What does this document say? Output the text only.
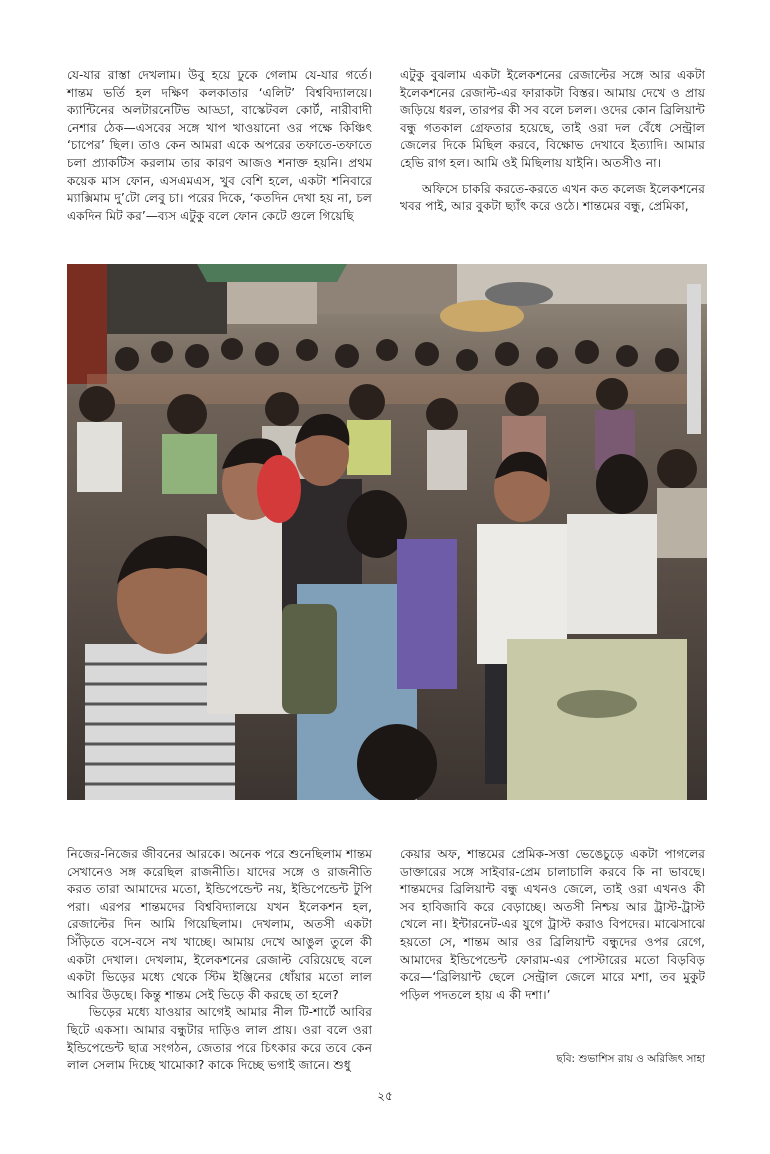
যে-যার রাস্তা দেখলাম। উবু হয়ে ঢুকে গেলাম যে-যার গর্তে। শান্তম ভর্তি হল দক্ষিণ কলকাতার ‘এলিট’ বিশ্ববিদ্যালয়ে। ক্যান্টিনের অলটারনেটিভ আড্ডা, বাস্কেটবল কোর্ট, নারীবাদী নেশার ঠেক—এসবের সঙ্গে খাপ খাওয়ানো ওর পক্ষে কিঞ্চিৎ ‘চাপের’ ছিল। তাও কেন আমরা একে অপরের তফাতে-তফাতে চলা প্র্যাকটিস করলাম তার কারণ আজও শনাক্ত হয়নি। প্রথম কয়েক মাস ফোন, এসএমএস, খুব বেশি হলে, একটা শনিবারে ম্যাক্সিমাম দু’টো লেবু চা। পরের দিকে, ‘কতদিন দেখা হয় না, চল একদিন মিট কর’—ব্যস এটুকু বলে ফোন কেটে গুলে গিয়েছি

এটুকু বুঝলাম একটা ইলেকশনের রেজাল্টের সঙ্গে আর একটা ইলেকশনের রেজাল্ট-এর ফারাকটা বিস্তর। আমায় দেখে ও প্রায় জড়িয়ে ধরল, তারপর কী সব বলে চলল। ওদের কোন ব্রিলিয়ান্ট বন্ধু গতকাল গ্রেফতার হয়েছে, তাই ওরা দল বেঁধে সেন্ট্রাল জেলের দিকে মিছিল করবে, বিক্ষোভ দেখাবে ইত্যাদি। আমার হেভি রাগ হল। আমি ওই মিছিলায় যাইনি। অতসীও না।

অফিসে চাকরি করতে-করতে এখন কত কলেজ ইলেকশনের খবর পাই, আর বুকটা ছ্যাঁৎ করে ওঠে। শান্তমের বন্ধু, প্রেমিকা,

নিজের-নিজের জীবনের আরকে। অনেক পরে শুনেছিলাম শান্তম সেখানেও সঙ্গ করেছিল রাজনীতি। যাদের সঙ্গে ও রাজনীতি করত তারা আমাদের মতো, ইন্ডিপেন্ডেন্ট নয়, ইন্ডিপেন্ডেন্ট টুপি পরা। এরপর শান্তমদের বিশ্ববিদ্যালয়ে যখন ইলেকশন হল, রেজাল্টের দিন আমি গিয়েছিলাম। দেখলাম, অতসী একটা সিঁড়িতে বসে-বসে নখ খাচ্ছে। আমায় দেখে আঙুল তুলে কী একটা দেখাল। দেখলাম, ইলেকশনের রেজাল্ট বেরিয়েছে বলে একটা ভিড়ের মধ্যে থেকে স্টিম ইঞ্জিনের ধোঁয়ার মতো লাল আবির উড়ছে। কিন্তু শান্তম সেই ভিড়ে কী করছে তা হলে?

ভিড়ের মধ্যে যাওয়ার আগেই আমার নীল টি-শার্টে আবির ছিটে একসা। আমার বন্ধুটার দাড়িও লাল প্রায়। ওরা বলে ওরা ইন্ডিপেন্ডেন্ট ছাত্র সংগঠন, জেতার পরে চিৎকার করে তবে কেন লাল সেলাম দিচ্ছে খামোকা? কাকে দিচ্ছে ভগাই জানে। শুধু

কেয়ার অফ, শান্তমের প্রেমিক-সত্তা ভেঙেচুড়ে একটা পাগলের ডাক্তারের সঙ্গে সাইবার-প্রেম চালাচালি করবে কি না ভাবছে। শান্তমদের ব্রিলিয়ান্ট বন্ধু এখনও জেলে, তাই ওরা এখনও কী সব হাবিজাবি করে বেড়াচ্ছে। অতসী নিশ্চয় আর ট্রাস্ট-ট্রাস্ট খেলে না। ইন্টারনেট-এর যুগে ট্রাস্ট করাও বিপদের। মাঝেসাঝে হয়তো সে, শান্তম আর ওর ব্রিলিয়ান্ট বন্ধুদের ওপর রেগে, আমাদের ইন্ডিপেন্ডেন্ট ফোরাম-এর পোস্টারের মতো বিড়বিড় করে—‘ব্রিলিয়ান্ট ছেলে সেন্ট্রাল জেলে মারে মশা, তব মুকুট পড়িল পদতলে হায় এ কী দশা।’

ছবি: শুভাশিস রায় ও অরিজিৎ সাহা
২৫
